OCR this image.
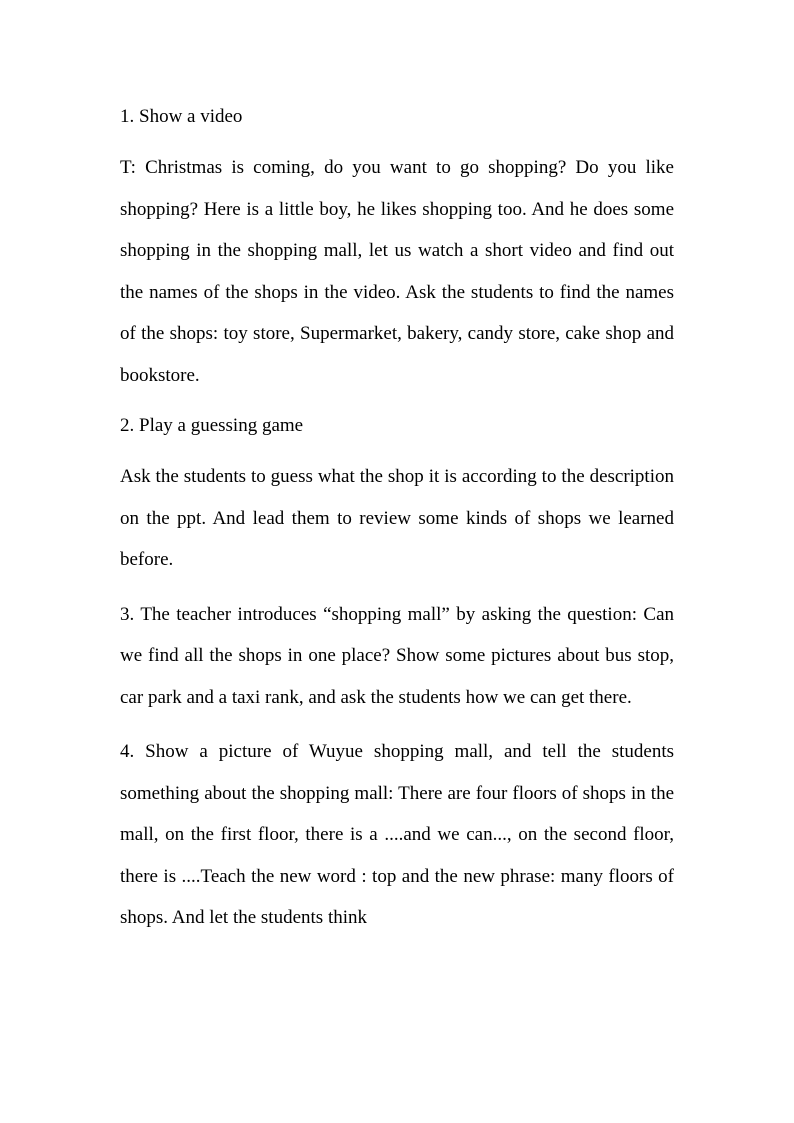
1. Show a video

T: Christmas is coming, do you want to go shopping? Do you like shopping? Here is a little boy, he likes shopping too. And he does some shopping in the shopping mall, let us watch a short video and find out the names of the shops in the video. Ask the students to find the names of the shops: toy store, Supermarket, bakery, candy store, cake shop and bookstore.

2. Play a guessing game

Ask the students to guess what the shop it is according to the description on the ppt. And lead them to review some kinds of shops we learned before.

3. The teacher introduces “shopping mall” by asking the question: Can we find all the shops in one place? Show some pictures about bus stop, car park and a taxi rank, and ask the students how we can get there.

4. Show a picture of Wuyue shopping mall, and tell the students something about the shopping mall: There are four floors of shops in the mall, on the first floor, there is a ....and we can..., on the second floor, there is ....Teach the new word : top and the new phrase: many floors of shops. And let the students think
